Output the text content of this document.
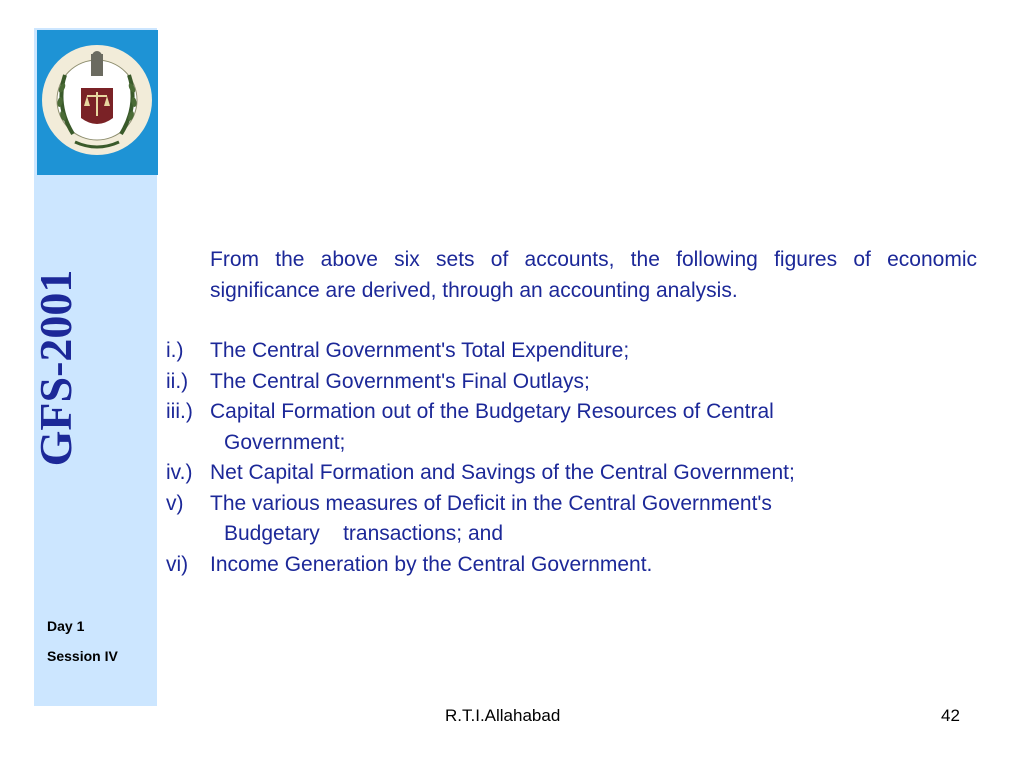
GFS-2001
Day 1
Session IV

From the above six sets of accounts, the following figures of economic significance are derived, through an accounting analysis.

i.) The Central Government's Total Expenditure;
ii.) The Central Government's Final Outlays;
iii.) Capital Formation out of the Budgetary Resources of Central
Government;
iv.) Net Capital Formation and Savings of the Central Government;
v) The various measures of Deficit in the Central Government's
Budgetary    transactions; and
vi) Income Generation by the Central Government.
R.T.I.Allahabad	42
